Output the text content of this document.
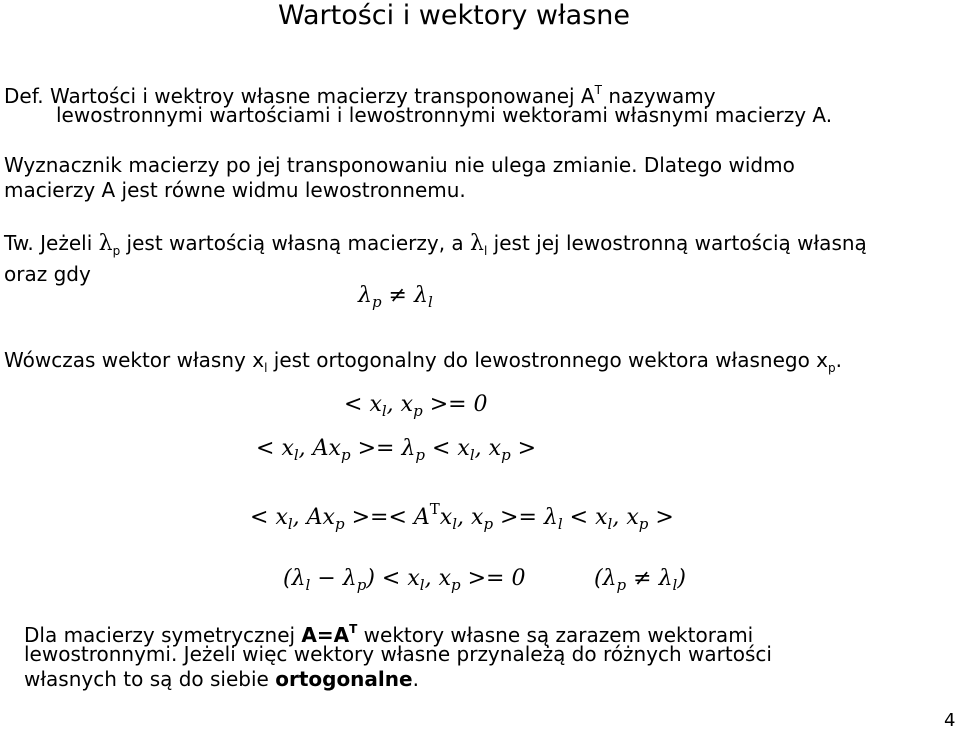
Wartości i wektory własne
Def. Wartości i wektroy własne macierzy transponowanej $A^T$ nazywamy
lewostronnymi wartościami i lewostronnymi wektorami własnymi macierzy A.
Wyznacznik macierzy po jej transponowaniu nie ulega zmianie. Dlatego widmo
macierzy A jest równe widmu lewostronnemu.
Tw. Jeżeli $\lambda_p$ jest wartością własną macierzy, a $\lambda_l$ jest jej lewostronną wartością własną
oraz gdy
$\lambda_p \ne \lambda_l$
Wówczas wektor własny $x_l$ jest ortogonalny do lewostronnego wektora własnego $x_p$.
< $x_l$, $x_p >= 0$
< $x_l$, $Ax_p >= \lambda_p < x_l$, $x_p$ >
< $x_l$, $Ax_p$ >=< $A^Tx_l$, $x_p >= \lambda_l < x_l$, $x_p$ >
$(\lambda_l - \lambda_p) < x_l$, $x_p >= 0$	$(\lambda_p \ne \lambda_l)$
Dla macierzy symetrycznej $A=A^T$ wektory własne są zarazem wektorami
lewostronnymi. Jeżeli więc wektory własne przynależą do różnych wartości
własnych to są do siebie ortogonalne.
4
